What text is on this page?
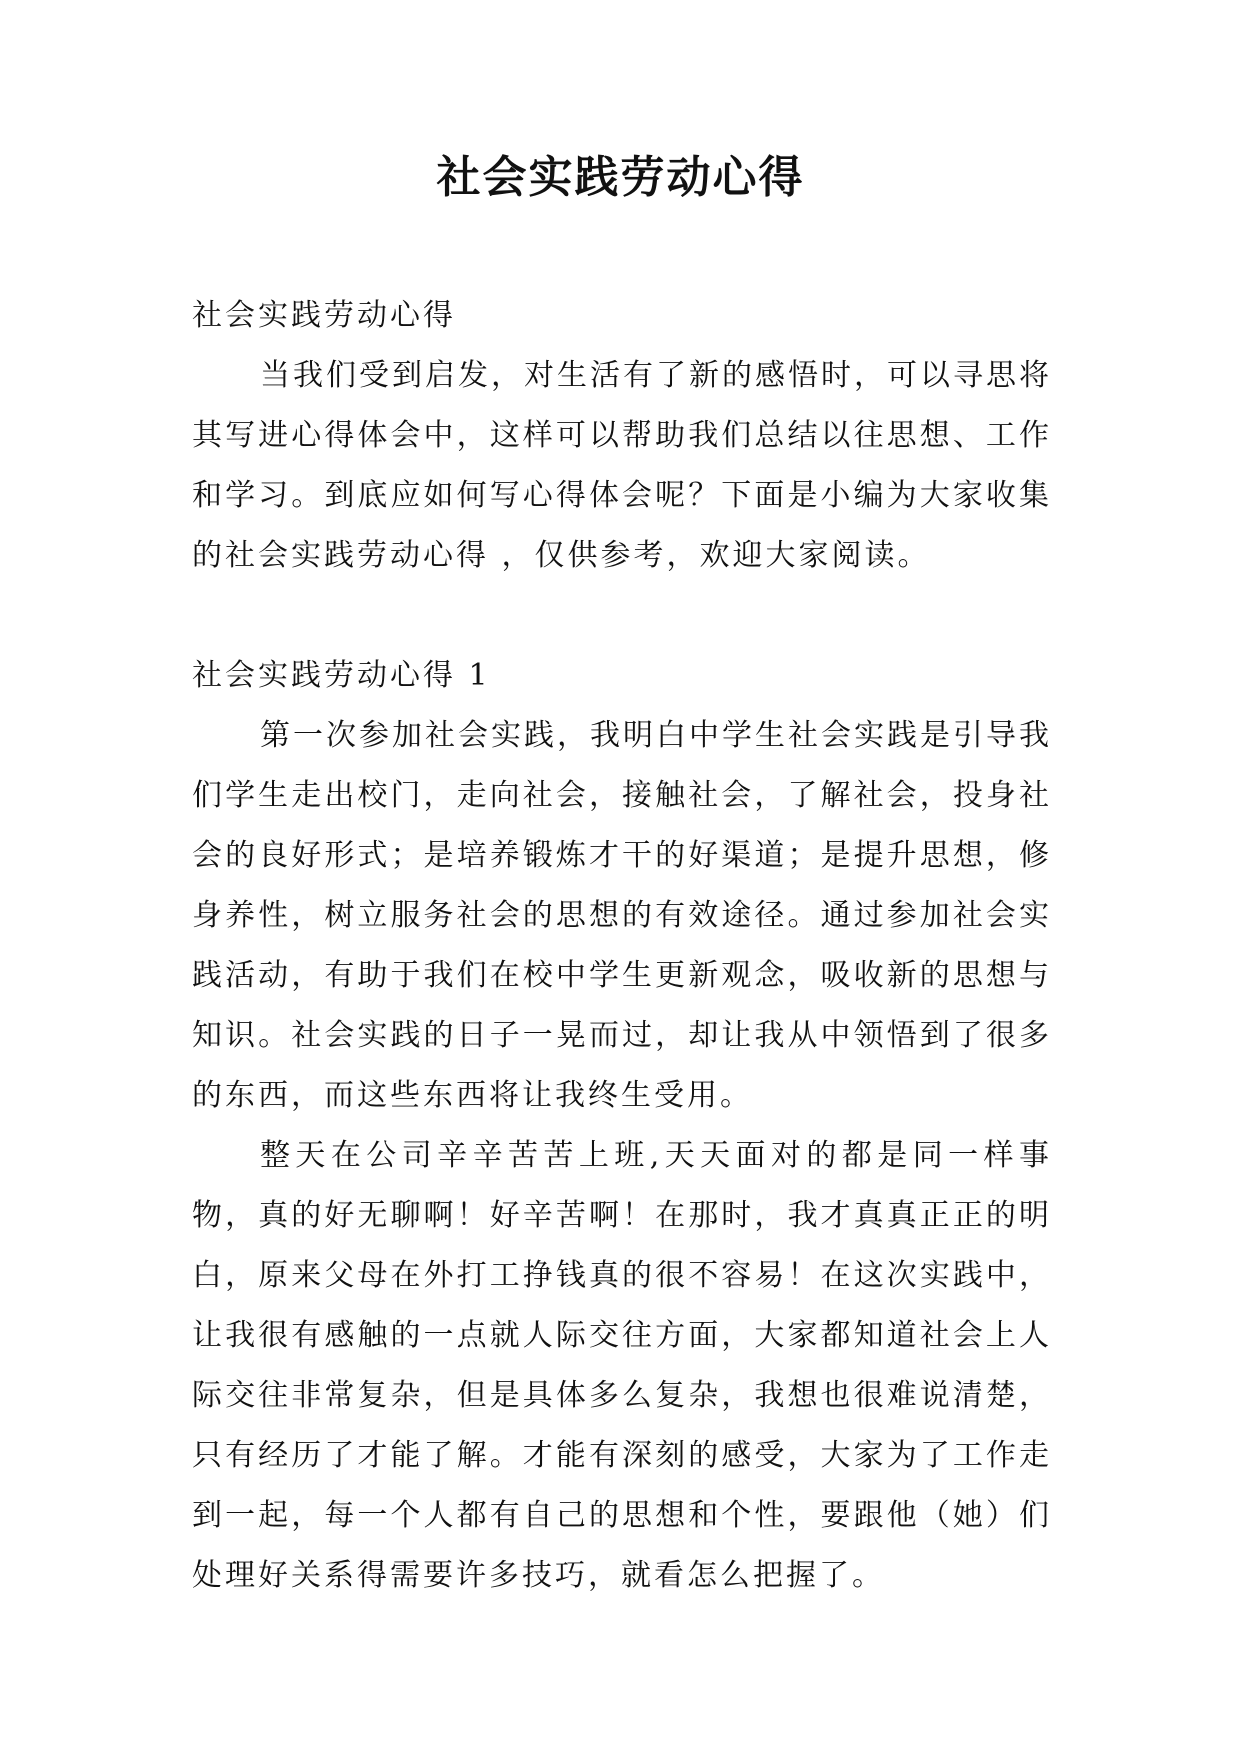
社会实践劳动心得

社会实践劳动心得

当我们受到启发，对生活有了新的感悟时，可以寻思将其写进心得体会中，这样可以帮助我们总结以往思想、工作和学习。到底应如何写心得体会呢？下面是小编为大家收集的社会实践劳动心得 ，仅供参考，欢迎大家阅读。

社会实践劳动心得 1

第一次参加社会实践，我明白中学生社会实践是引导我们学生走出校门，走向社会，接触社会，了解社会，投身社会的良好形式；是培养锻炼才干的好渠道；是提升思想，修身养性，树立服务社会的思想的有效途径。通过参加社会实践活动，有助于我们在校中学生更新观念，吸收新的思想与知识。社会实践的日子一晃而过，却让我从中领悟到了很多的东西，而这些东西将让我终生受用。

整天在公司辛辛苦苦上班,天天面对的都是同一样事物，真的好无聊啊！好辛苦啊！在那时，我才真真正正的明白，原来父母在外打工挣钱真的很不容易！在这次实践中，让我很有感触的一点就人际交往方面，大家都知道社会上人际交往非常复杂，但是具体多么复杂，我想也很难说清楚，只有经历了才能了解。才能有深刻的感受，大家为了工作走到一起，每一个人都有自己的思想和个性，要跟他（她）们处理好关系得需要许多技巧，就看怎么把握了。
